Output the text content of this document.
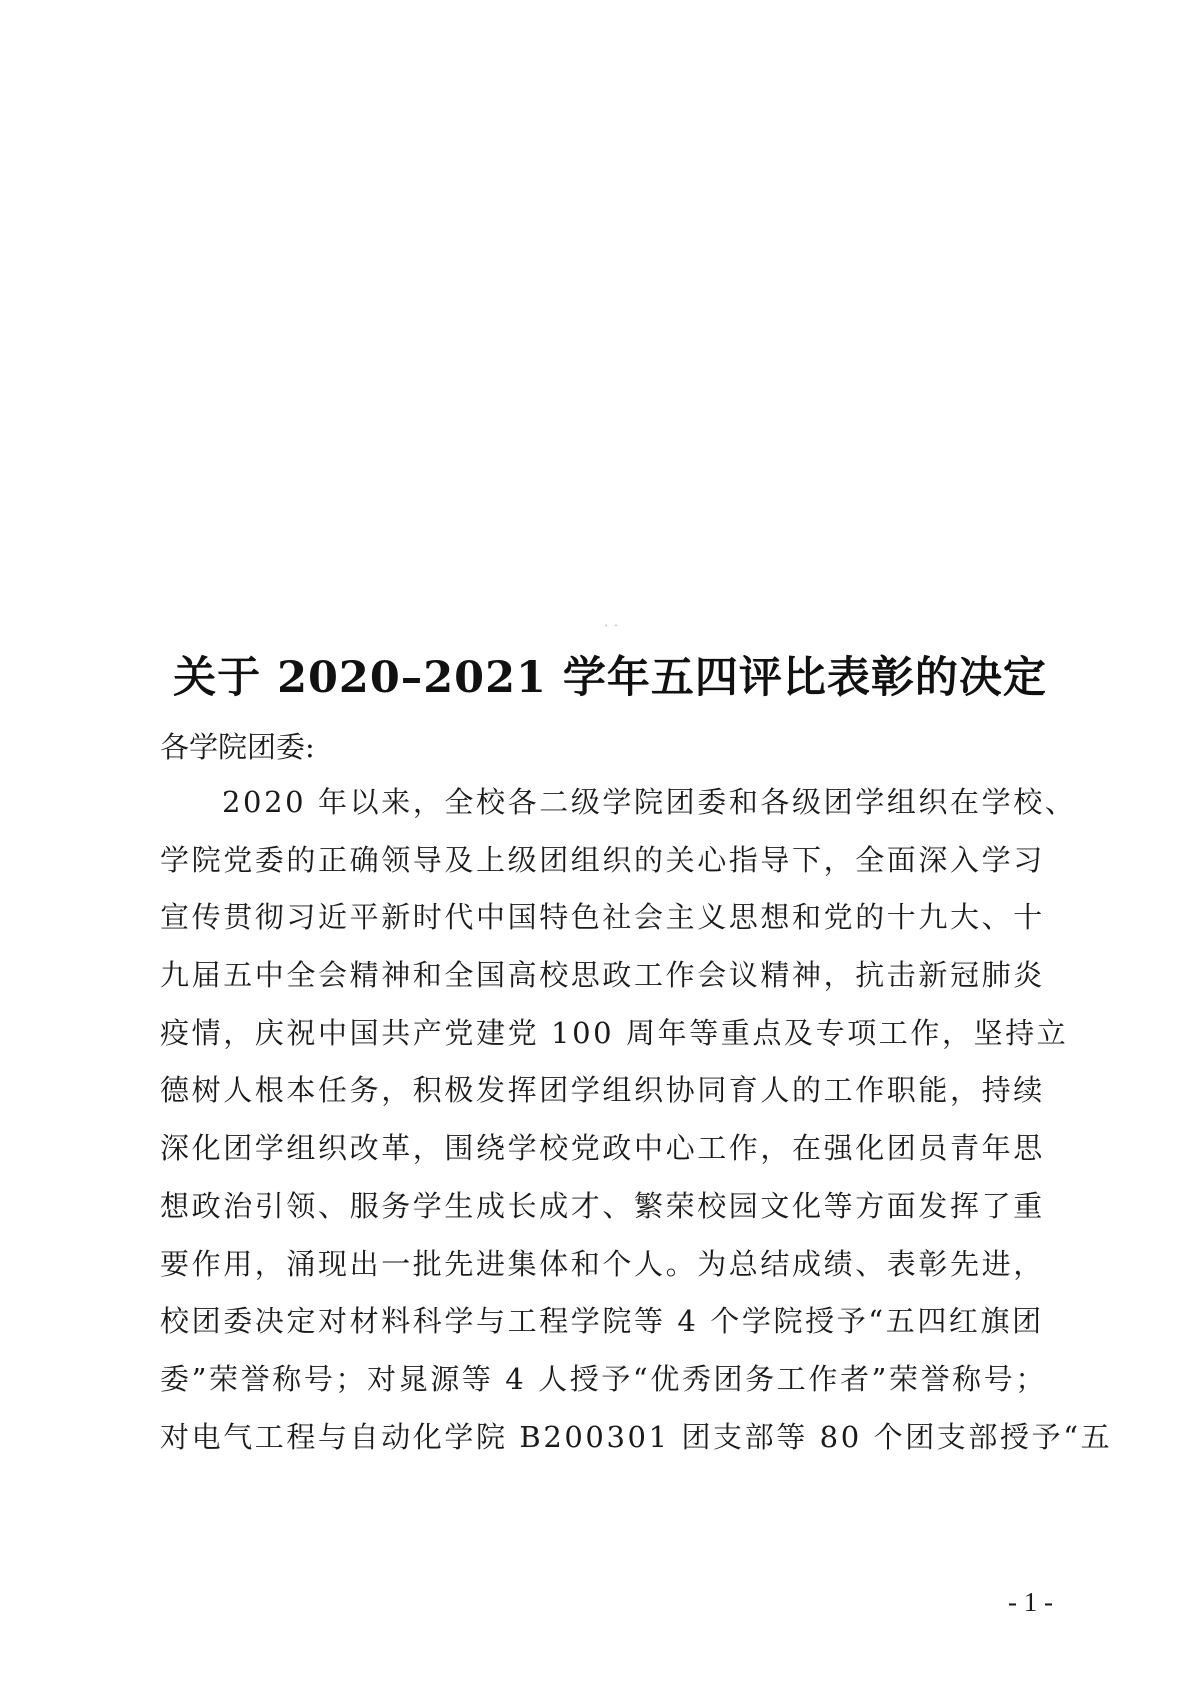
关于 2020–2021 学年五四评比表彰的决定
各学院团委:
2020 年以来，全校各二级学院团委和各级团学组织在学校、
学院党委的正确领导及上级团组织的关心指导下，全面深入学习
宣传贯彻习近平新时代中国特色社会主义思想和党的十九大、十
九届五中全会精神和全国高校思政工作会议精神，抗击新冠肺炎
疫情，庆祝中国共产党建党 100 周年等重点及专项工作，坚持立
德树人根本任务，积极发挥团学组织协同育人的工作职能，持续
深化团学组织改革，围绕学校党政中心工作，在强化团员青年思
想政治引领、服务学生成长成才、繁荣校园文化等方面发挥了重
要作用，涌现出一批先进集体和个人。为总结成绩、表彰先进，
校团委决定对材料科学与工程学院等 4 个学院授予“五四红旗团
委”荣誉称号；对晁源等 4 人授予“优秀团务工作者”荣誉称号；
对电气工程与自动化学院 B200301 团支部等 80 个团支部授予“五
- 1 -
